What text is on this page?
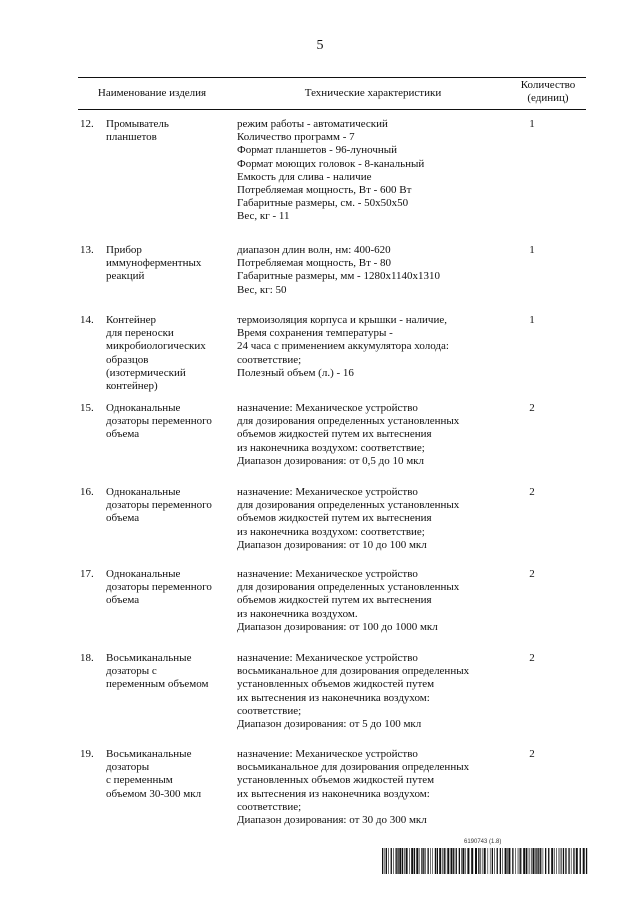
5
Наименование изделия	Технические характеристики
Количество
(единиц)
12. Промыватель
планшетов
режим работы - автоматический
Количество программ - 7
Формат планшетов - 96-луночный
Формат моющих головок - 8-канальный
Емкость для слива - наличие
Потребляемая мощность, Вт - 600 Вт
Габаритные размеры, см. - 50х50х50
Вес, кг - 11
1
13. Прибор
иммуноферментных
реакций
диапазон длин волн, нм: 400-620
Потребляемая мощность, Вт - 80
Габаритные размеры, мм - 1280х1140х1310
Вес, кг: 50
1
14. Контейнер
для переноски
микробиологических
образцов
(изотермический
контейнер)
термоизоляция корпуса и крышки - наличие,
Время сохранения температуры -
24 часа с применением аккумулятора холода:
соответствие;
Полезный объем (л.) - 16
1
15. Одноканальные
дозаторы переменного
объема
назначение: Механическое устройство
для дозирования определенных установленных
объемов жидкостей путем их вытеснения
из наконечника воздухом: соответствие;
Диапазон дозирования: от 0,5 до 10 мкл
2
16. Одноканальные
дозаторы переменного
объема
назначение: Механическое устройство
для дозирования определенных установленных
объемов жидкостей путем их вытеснения
из наконечника воздухом: соответствие;
Диапазон дозирования: от 10 до 100 мкл
2
17. Одноканальные
дозаторы переменного
объема
назначение: Механическое устройство
для дозирования определенных установленных
объемов жидкостей путем их вытеснения
из наконечника воздухом.
Диапазон дозирования: от 100 до 1000 мкл
2
18. Восьмиканальные
дозаторы с
переменным объемом
назначение: Механическое устройство
восьмиканальное для дозирования определенных
установленных объемов жидкостей путем
их вытеснения из наконечника воздухом:
соответствие;
Диапазон дозирования: от 5 до 100 мкл
2
19. Восьмиканальные
дозаторы
с переменным
объемом 30-300 мкл
назначение: Механическое устройство
восьмиканальное для дозирования определенных
установленных объемов жидкостей путем
их вытеснения из наконечника воздухом:
соответствие;
Диапазон дозирования: от 30 до 300 мкл
2
6190743 (1.8)
